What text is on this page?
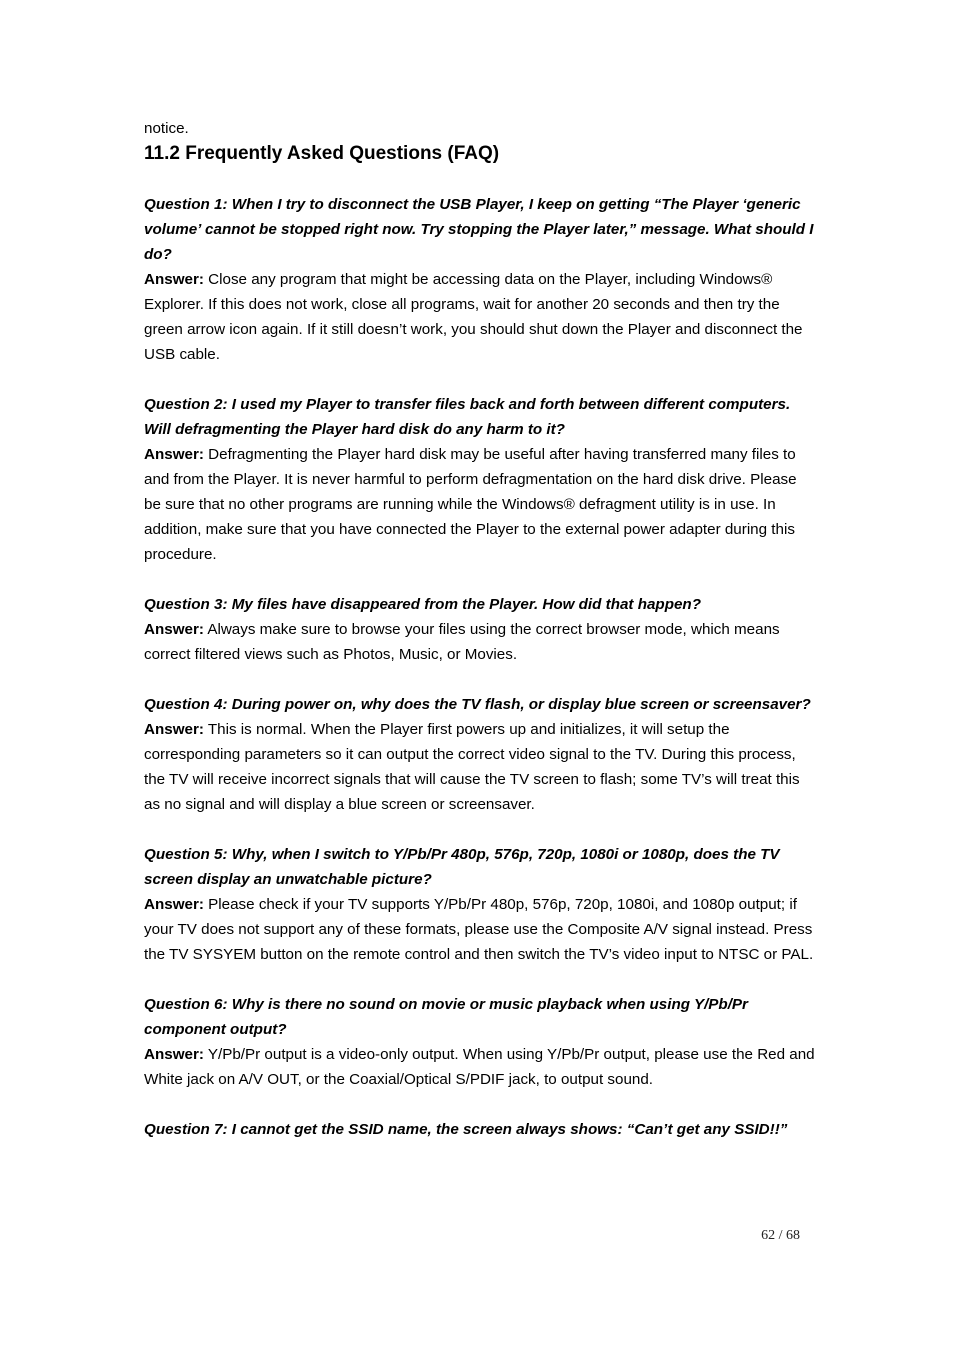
notice.
11.2 Frequently Asked Questions (FAQ)
Question 1: When I try to disconnect the USB Player, I keep on getting “The Player ‘generic volume’ cannot be stopped right now. Try stopping the Player later,” message. What should I do?
Answer: Close any program that might be accessing data on the Player, including Windows® Explorer. If this does not work, close all programs, wait for another 20 seconds and then try the green arrow icon again. If it still doesn’t work, you should shut down the Player and disconnect the USB cable.
Question 2: I used my Player to transfer files back and forth between different computers. Will defragmenting the Player hard disk do any harm to it?
Answer: Defragmenting the Player hard disk may be useful after having transferred many files to and from the Player. It is never harmful to perform defragmentation on the hard disk drive. Please be sure that no other programs are running while the Windows® defragment utility is in use. In addition, make sure that you have connected the Player to the external power adapter during this procedure.
Question 3: My files have disappeared from the Player. How did that happen?
Answer: Always make sure to browse your files using the correct browser mode, which means correct filtered views such as Photos, Music, or Movies.
Question 4: During power on, why does the TV flash, or display blue screen or screensaver?
Answer: This is normal. When the Player first powers up and initializes, it will setup the corresponding parameters so it can output the correct video signal to the TV. During this process, the TV will receive incorrect signals that will cause the TV screen to flash; some TV’s will treat this as no signal and will display a blue screen or screensaver.
Question 5: Why, when I switch to Y/Pb/Pr 480p, 576p, 720p, 1080i or 1080p, does the TV screen display an unwatchable picture?
Answer: Please check if your TV supports Y/Pb/Pr 480p, 576p, 720p, 1080i, and 1080p output; if your TV does not support any of these formats, please use the Composite A/V signal instead. Press the TV SYSYEM button on the remote control and then switch the TV’s video input to NTSC or PAL.
Question 6: Why is there no sound on movie or music playback when using Y/Pb/Pr component output?
Answer: Y/Pb/Pr output is a video-only output. When using Y/Pb/Pr output, please use the Red and White jack on A/V OUT, or the Coaxial/Optical S/PDIF jack, to output sound.
Question 7: I cannot get the SSID name, the screen always shows: “Can’t get any SSID!!”
62 / 68
